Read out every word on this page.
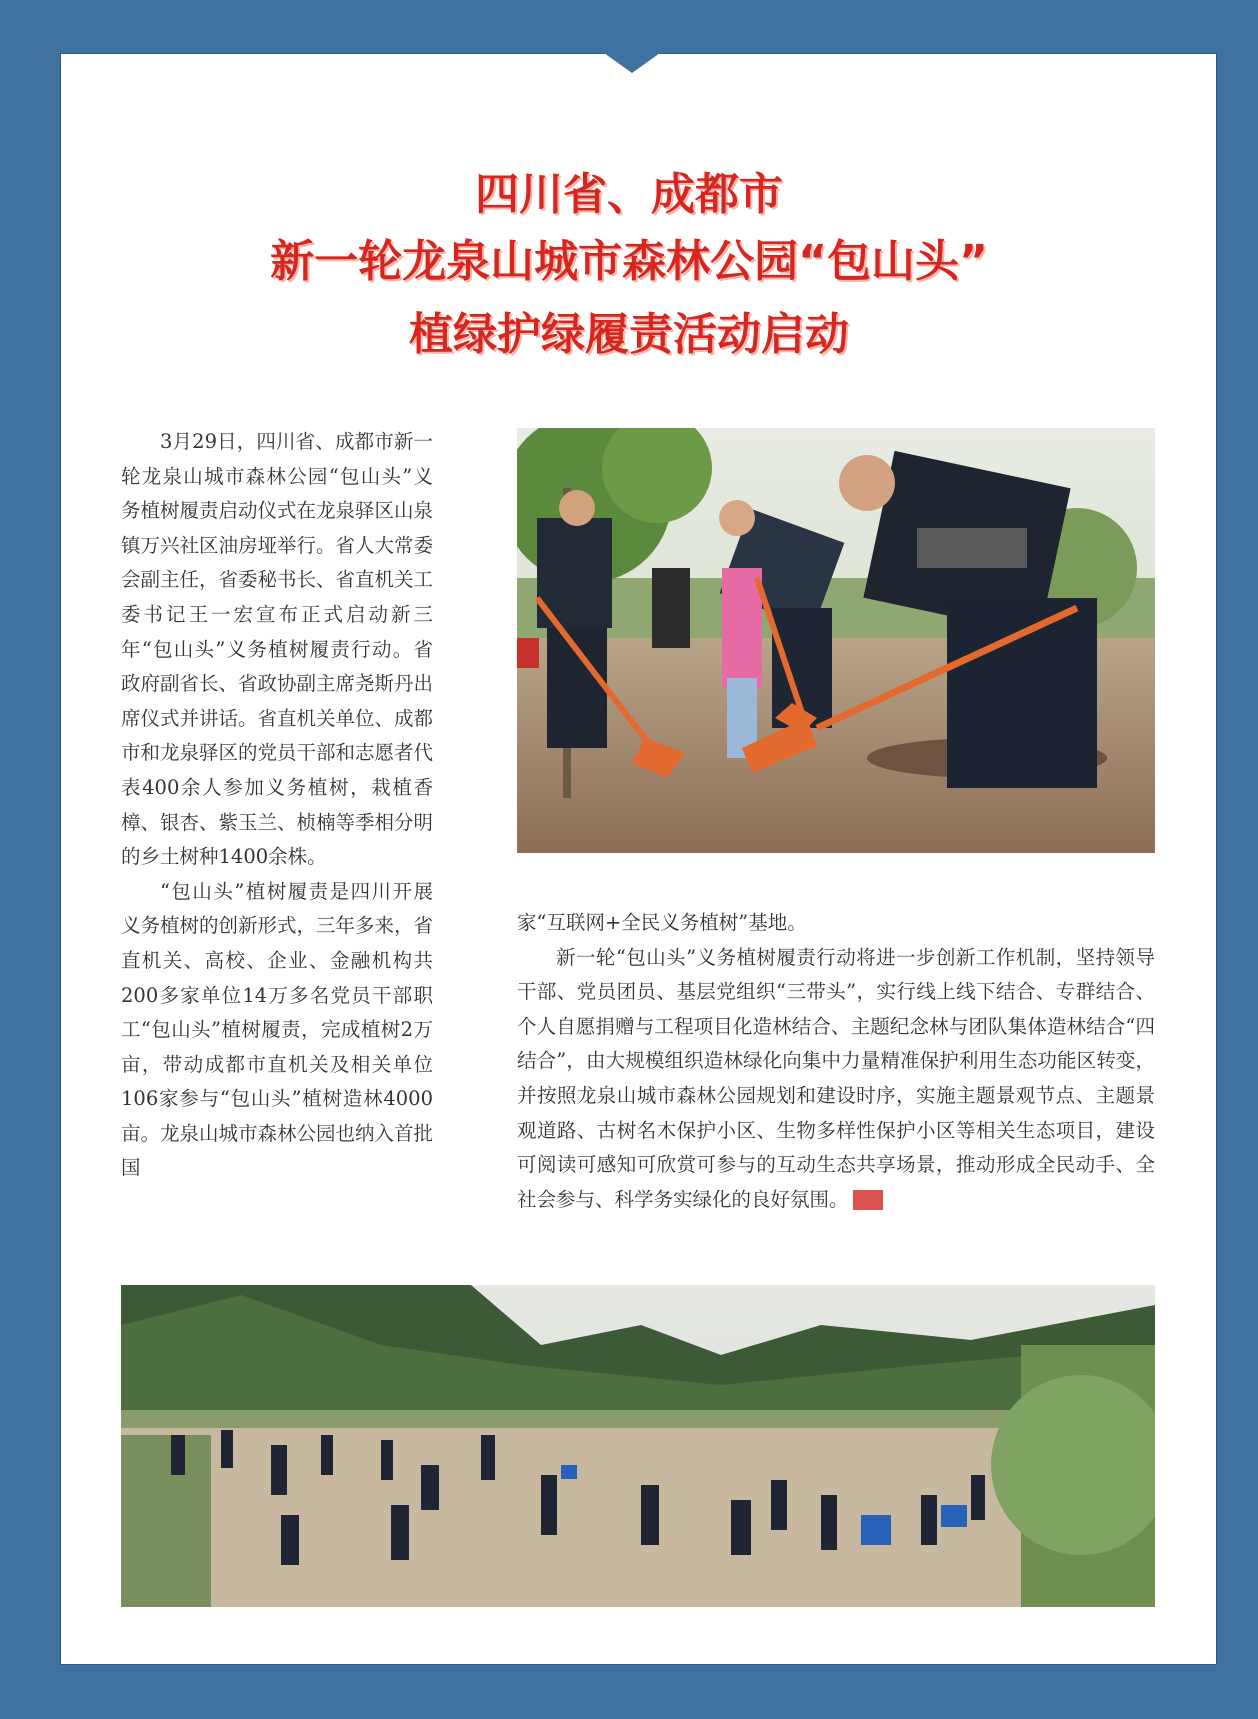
四川省、成都市
新一轮龙泉山城市森林公园“包山头”
植绿护绿履责活动启动

3月29日，四川省、成都市新一轮龙泉山城市森林公园“包山头”义务植树履责启动仪式在龙泉驿区山泉镇万兴社区油房垭举行。省人大常委会副主任，省委秘书长、省直机关工委书记王一宏宣布正式启动新三年“包山头”义务植树履责行动。省政府副省长、省政协副主席尧斯丹出席仪式并讲话。省直机关单位、成都市和龙泉驿区的党员干部和志愿者代表400余人参加义务植树，栽植香樟、银杏、紫玉兰、桢楠等季相分明的乡土树种1400余株。

“包山头”植树履责是四川开展义务植树的创新形式，三年多来，省直机关、高校、企业、金融机构共200多家单位14万多名党员干部职工“包山头”植树履责，完成植树2万亩，带动成都市直机关及相关单位106家参与“包山头”植树造林4000亩。龙泉山城市森林公园也纳入首批国

家“互联网+全民义务植树”基地。

新一轮“包山头”义务植树履责行动将进一步创新工作机制，坚持领导干部、党员团员、基层党组织“三带头”，实行线上线下结合、专群结合、个人自愿捐赠与工程项目化造林结合、主题纪念林与团队集体造林结合“四结合”，由大规模组织造林绿化向集中力量精准保护利用生态功能区转变，并按照龙泉山城市森林公园规划和建设时序，实施主题景观节点、主题景观道路、古树名木保护小区、生物多样性保护小区等相关生态项目，建设可阅读可感知可欣赏可参与的互动生态共享场景，推动形成全民动手、全社会参与、科学务实绿化的良好氛围。
